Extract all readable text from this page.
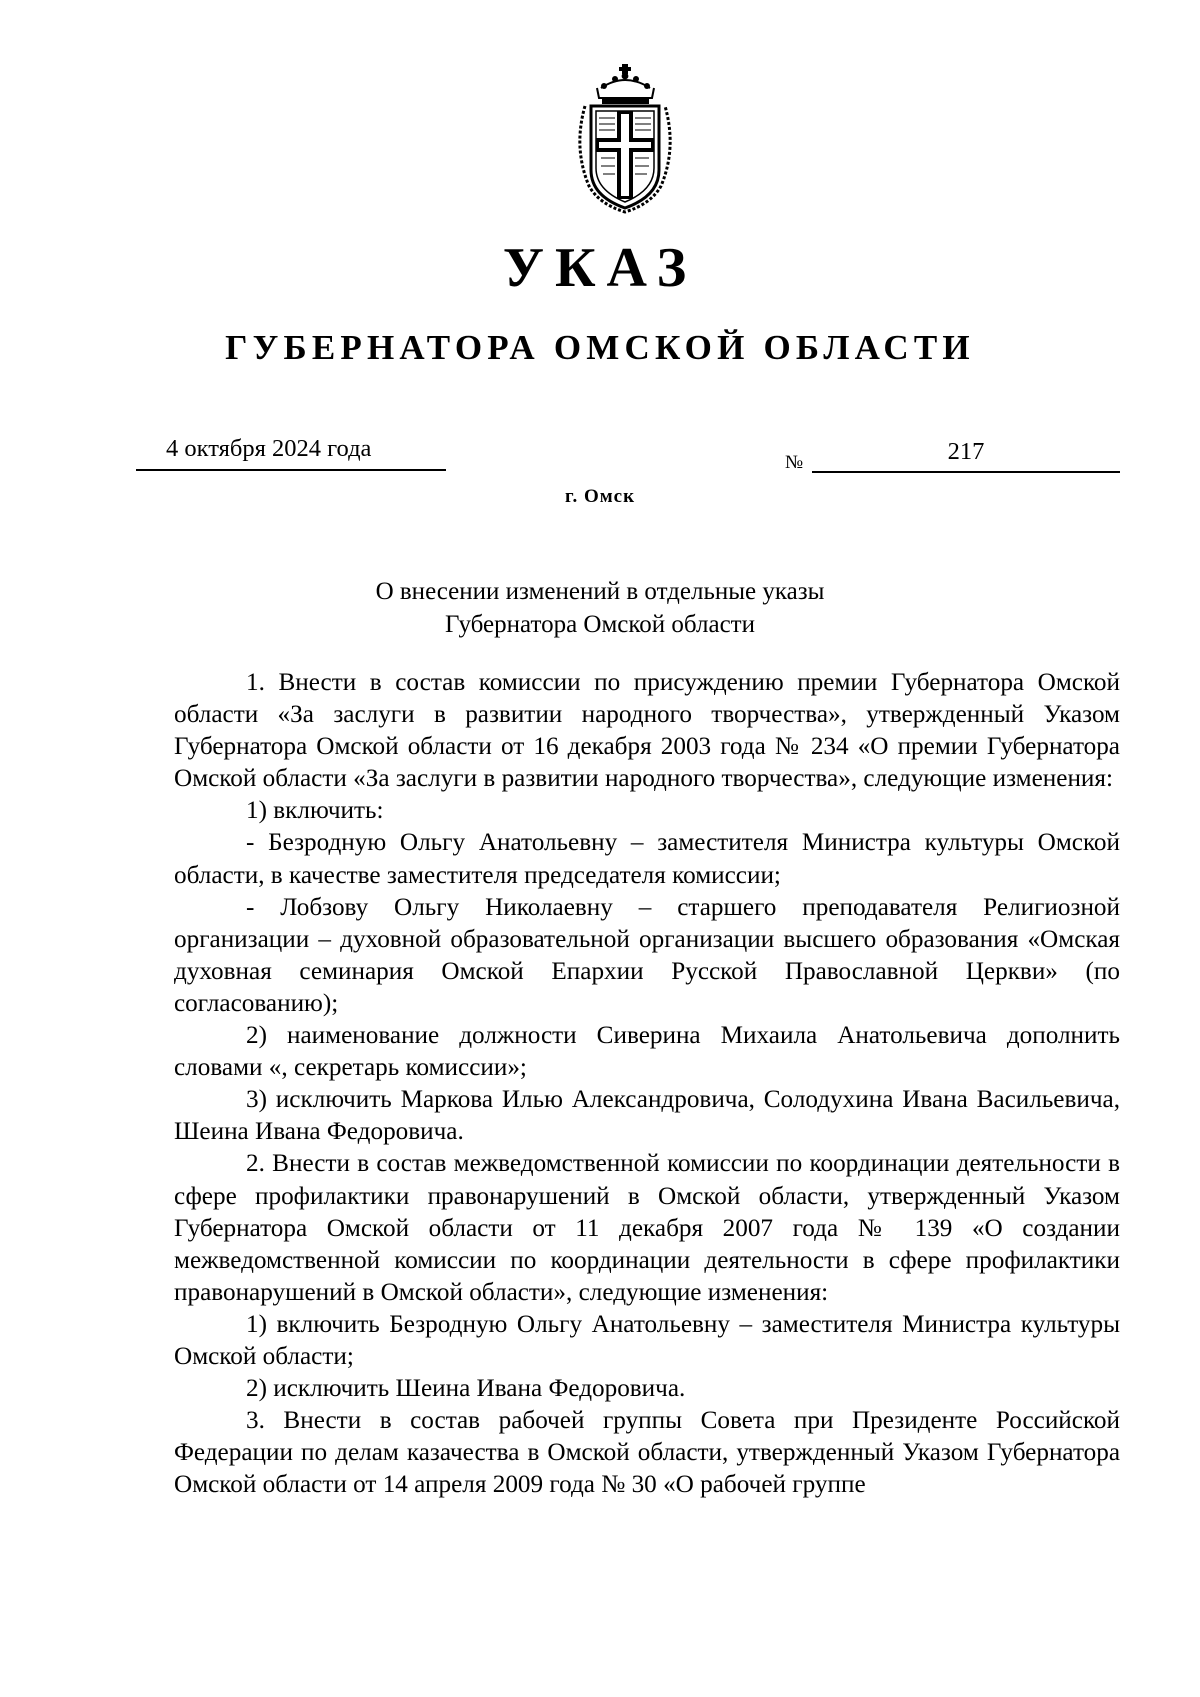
УКАЗ
ГУБЕРНАТОРА ОМСКОЙ ОБЛАСТИ
4 октября 2024 года
№	217
г. Омск
О внесении изменений в отдельные указы
Губернатора Омской области

1. Внести в состав комиссии по присуждению премии Губернатора Омской области «За заслуги в развитии народного творчества», утвержденный Указом Губернатора Омской области от 16 декабря 2003 года № 234 «О премии Губернатора Омской области «За заслуги в развитии народного творчества», следующие изменения:

1) включить:

- Безродную Ольгу Анатольевну – заместителя Министра культуры Омской области, в качестве заместителя председателя комиссии;

- Лобзову Ольгу Николаевну – старшего преподавателя Религиозной организации – духовной образовательной организации высшего образования «Омская духовная семинария Омской Епархии Русской Православной Церкви» (по согласованию);

2) наименование должности Сиверина Михаила Анатольевича дополнить словами «, секретарь комиссии»;

3) исключить Маркова Илью Александровича, Солодухина Ивана Васильевича, Шеина Ивана Федоровича.

2. Внести в состав межведомственной комиссии по координации деятельности в сфере профилактики правонарушений в Омской области, утвержденный Указом Губернатора Омской области от 11 декабря 2007 года № 139 «О создании межведомственной комиссии по координации деятельности в сфере профилактики правонарушений в Омской области», следующие изменения:

1) включить Безродную Ольгу Анатольевну – заместителя Министра культуры Омской области;

2) исключить Шеина Ивана Федоровича.

3. Внести в состав рабочей группы Совета при Президенте Российской Федерации по делам казачества в Омской области, утвержденный Указом Губернатора Омской области от 14 апреля 2009 года № 30 «О рабочей группе
